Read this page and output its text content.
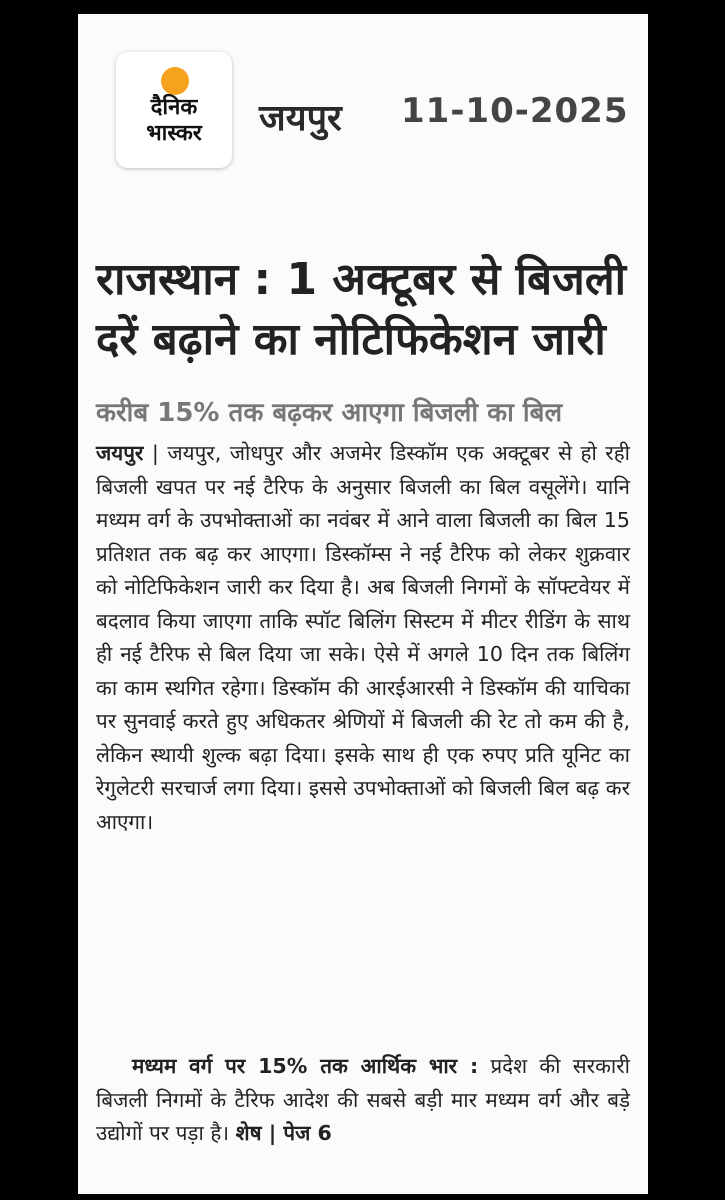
दैनिक
भास्कर	जयपुर 11-10-2025
राजस्थान : 1 अक्टूबर से बिजली
दरें बढ़ाने का नोटिफिकेशन जारी
करीब 15% तक बढ़कर आएगा बिजली का बिल

जयपुर | जयपुर, जोधपुर और अजमेर डिस्कॉम एक अक्टूबर से हो रही बिजली खपत पर नई टैरिफ के अनुसार बिजली का बिल वसूलेंगे। यानि मध्यम वर्ग के उपभोक्ताओं का नवंबर में आने वाला बिजली का बिल 15 प्रतिशत तक बढ़ कर आएगा। डिस्कॉम्स ने नई टैरिफ को लेकर शुक्रवार को नोटिफिकेशन जारी कर दिया है। अब बिजली निगमों के सॉफ्टवेयर में बदलाव किया जाएगा ताकि स्पॉट बिलिंग सिस्टम में मीटर रीडिंग के साथ ही नई टैरिफ से बिल दिया जा सके। ऐसे में अगले 10 दिन तक बिलिंग का काम स्थगित रहेगा। डिस्कॉम की आरईआरसी ने डिस्कॉम की याचिका पर सुनवाई करते हुए अधिकतर श्रेणियों में बिजली की रेट तो कम की है, लेकिन स्थायी शुल्क बढ़ा दिया। इसके साथ ही एक रुपए प्रति यूनिट का रेगुलेटरी सरचार्ज लगा दिया। इससे उपभोक्ताओं को बिजली बिल बढ़ कर आएगा।

मध्यम वर्ग पर 15% तक आर्थिक भार : प्रदेश की सरकारी बिजली निगमों के टैरिफ आदेश की सबसे बड़ी मार मध्यम वर्ग और बड़े उद्योगों पर पड़ा है। शेष | पेज 6
